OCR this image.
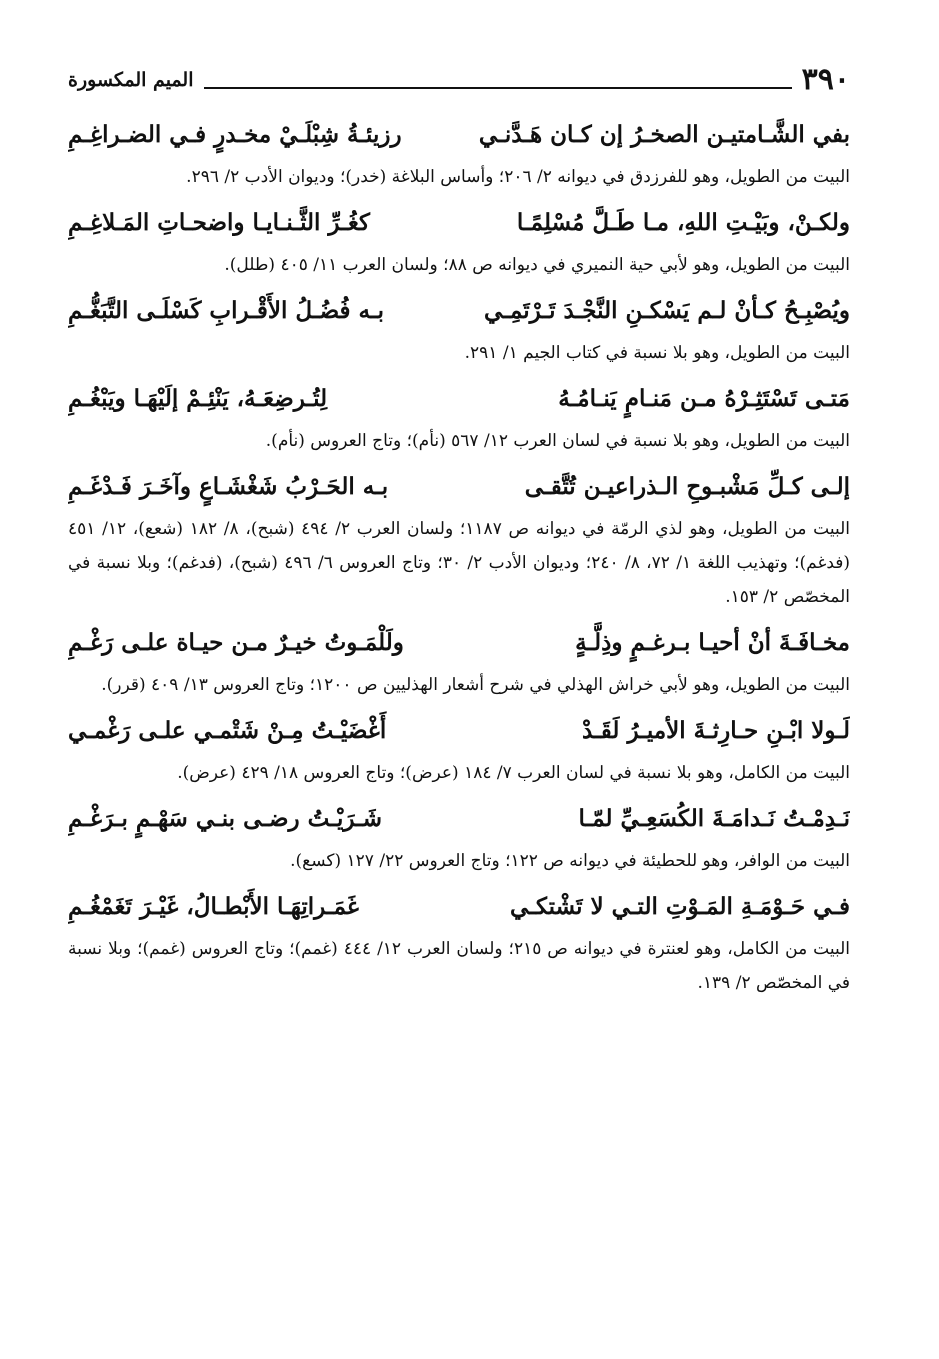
٣٩٠
الميم المكسورة
بفي الشَّـامتيـن الصخـرُ إن كـان هَـدَّنـي
رزيئـةُ شِبْلَـيْ مخـدرٍ فـي الضـراغِـمِ

البيت من الطويل، وهو للفرزدق في ديوانه ٢/ ٢٠٦؛ وأساس البلاغة (خدر)؛ وديوان الأدب ٢/ ٢٩٦.

ولكـنْ، وبَيْـتِ اللهِ، مـا طَـلَّ مُسْلِمًـا
كغُـرِّ الثَّـنـايـا واضحـاتِ المَـلاغِـمِ

البيت من الطويل، وهو لأبي حية النميري في ديوانه ص ٨٨؛ ولسان العرب ١١/ ٤٠٥ (طلل).

ويُصْبِـحُ كـأنْ لـم يَسْكـنِ النَّجْـدَ تَـرْتَمِـي
بـه فُضُـلُ الأَقْـرابِ كَسْلَـى التَّبَغُّـمِ

البيت من الطويل، وهو بلا نسبة في كتاب الجيم ١/ ٢٩١.

مَتـى تَسْتَثِـرْهُ مـن مَنـامٍ يَنـامُـهُ
لِتُـرضِعَـهُ، يَنْئِـمْ إلَيْهَـا ويَبْغُـمِ

البيت من الطويل، وهو بلا نسبة في لسان العرب ١٢/ ٥٦٧ (نأم)؛ وتاج العروس (نأم).

إلـى كـلِّ مَشْبـوحِ الـذراعيـن تُتَّقـى
بـه الحَـرْبُ شَغْشَـاعٍ وآخَـرَ فَـدْغَـمِ

البيت من الطويل، وهو لذي الرمّة في ديوانه ص ١١٨٧؛ ولسان العرب ٢/ ٤٩٤ (شبح)، ٨/ ١٨٢ (شعع)، ١٢/ ٤٥١ (فدغم)؛ وتهذيب اللغة ١/ ٧٢، ٨/ ٢٤٠؛ وديوان الأدب ٢/ ٣٠؛ وتاج العروس ٦/ ٤٩٦ (شبح)، (فدغم)؛ وبلا نسبة في المخصّص ٢/ ١٥٣.

مخـافَـةَ أنْ أحيـا بـرغـمٍ وذِلَّـةٍ
ولَلْمَـوتُ خيـرٌ مـن حيـاة علـى رَغْـمِ

البيت من الطويل، وهو لأبي خراش الهذلي في شرح أشعار الهذليين ص ١٢٠٠؛ وتاج العروس ١٣/ ٤٠٩ (قرر).

لَـولا ابْـنِ حـارِثـةَ الأميـرُ لَقَـدْ
أَغْضَيْـتُ مِـنْ شَتْمـي علـى رَغْمـي

البيت من الكامل، وهو بلا نسبة في لسان العرب ٧/ ١٨٤ (عرض)؛ وتاج العروس ١٨/ ٤٢٩ (عرض).

نَـدِمْـتُ نَـدامَـةَ الكُسَعِـيِّ لمّـا
شَـرَيْـتُ رضـى بنـي سَهْـمٍ بـرَغْـمِ

البيت من الوافر، وهو للحطيئة في ديوانه ص ١٢٢؛ وتاج العروس ٢٢/ ١٢٧ (كسع).

فـي حَـوْمَـةِ المَـوْتِ التـي لا تَشْتكـي
غَمَـراتِهَـا الأَبْطـالُ، غَيْـرَ تَغَمْغُـمِ

البيت من الكامل، وهو لعنترة في ديوانه ص ٢١٥؛ ولسان العرب ١٢/ ٤٤٤ (غمم)؛ وتاج العروس (غمم)؛ وبلا نسبة في المخصّص ٢/ ١٣٩.
